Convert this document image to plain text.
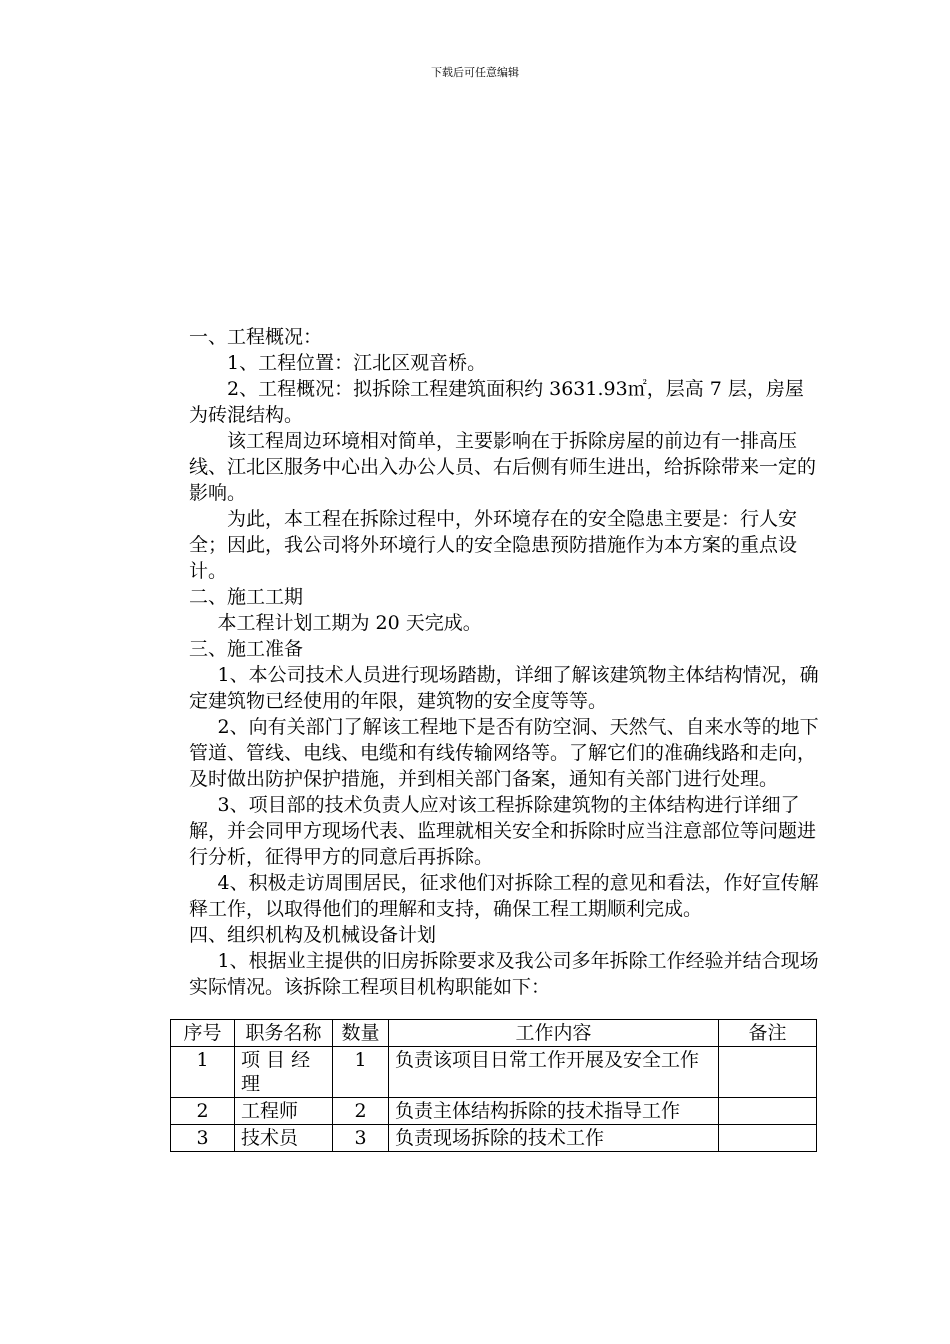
下载后可任意编辑

一、工程概况：

1、工程位置：江北区观音桥。

2、工程概况：拟拆除工程建筑面积约 3631.93㎡，层高 7 层，房屋为砖混结构。

该工程周边环境相对简单，主要影响在于拆除房屋的前边有一排高压线、江北区服务中心出入办公人员、右后侧有师生进出，给拆除带来一定的影响。

为此，本工程在拆除过程中，外环境存在的安全隐患主要是：行人安全；因此，我公司将外环境行人的安全隐患预防措施作为本方案的重点设计。

二、施工工期

本工程计划工期为 20 天完成。

三、施工准备

1、本公司技术人员进行现场踏勘，详细了解该建筑物主体结构情况，确定建筑物已经使用的年限，建筑物的安全度等等。

2、向有关部门了解该工程地下是否有防空洞、天然气、自来水等的地下管道、管线、电线、电缆和有线传输网络等。了解它们的准确线路和走向，及时做出防护保护措施，并到相关部门备案，通知有关部门进行处理。

3、项目部的技术负责人应对该工程拆除建筑物的主体结构进行详细了解，并会同甲方现场代表、监理就相关安全和拆除时应当注意部位等问题进行分析，征得甲方的同意后再拆除。

4、积极走访周围居民，征求他们对拆除工程的意见和看法，作好宣传解释工作，以取得他们的理解和支持，确保工程工期顺利完成。

四、组织机构及机械设备计划

1、根据业主提供的旧房拆除要求及我公司多年拆除工作经验并结合现场实际情况。该拆除工程项目机构职能如下：

序号	职务名称	数量	工作内容	备注
1	项 目 经 理	1	负责该项目日常工作开展及安全工作	
2	工程师	2	负责主体结构拆除的技术指导工作	
3	技术员	3	负责现场拆除的技术工作	
